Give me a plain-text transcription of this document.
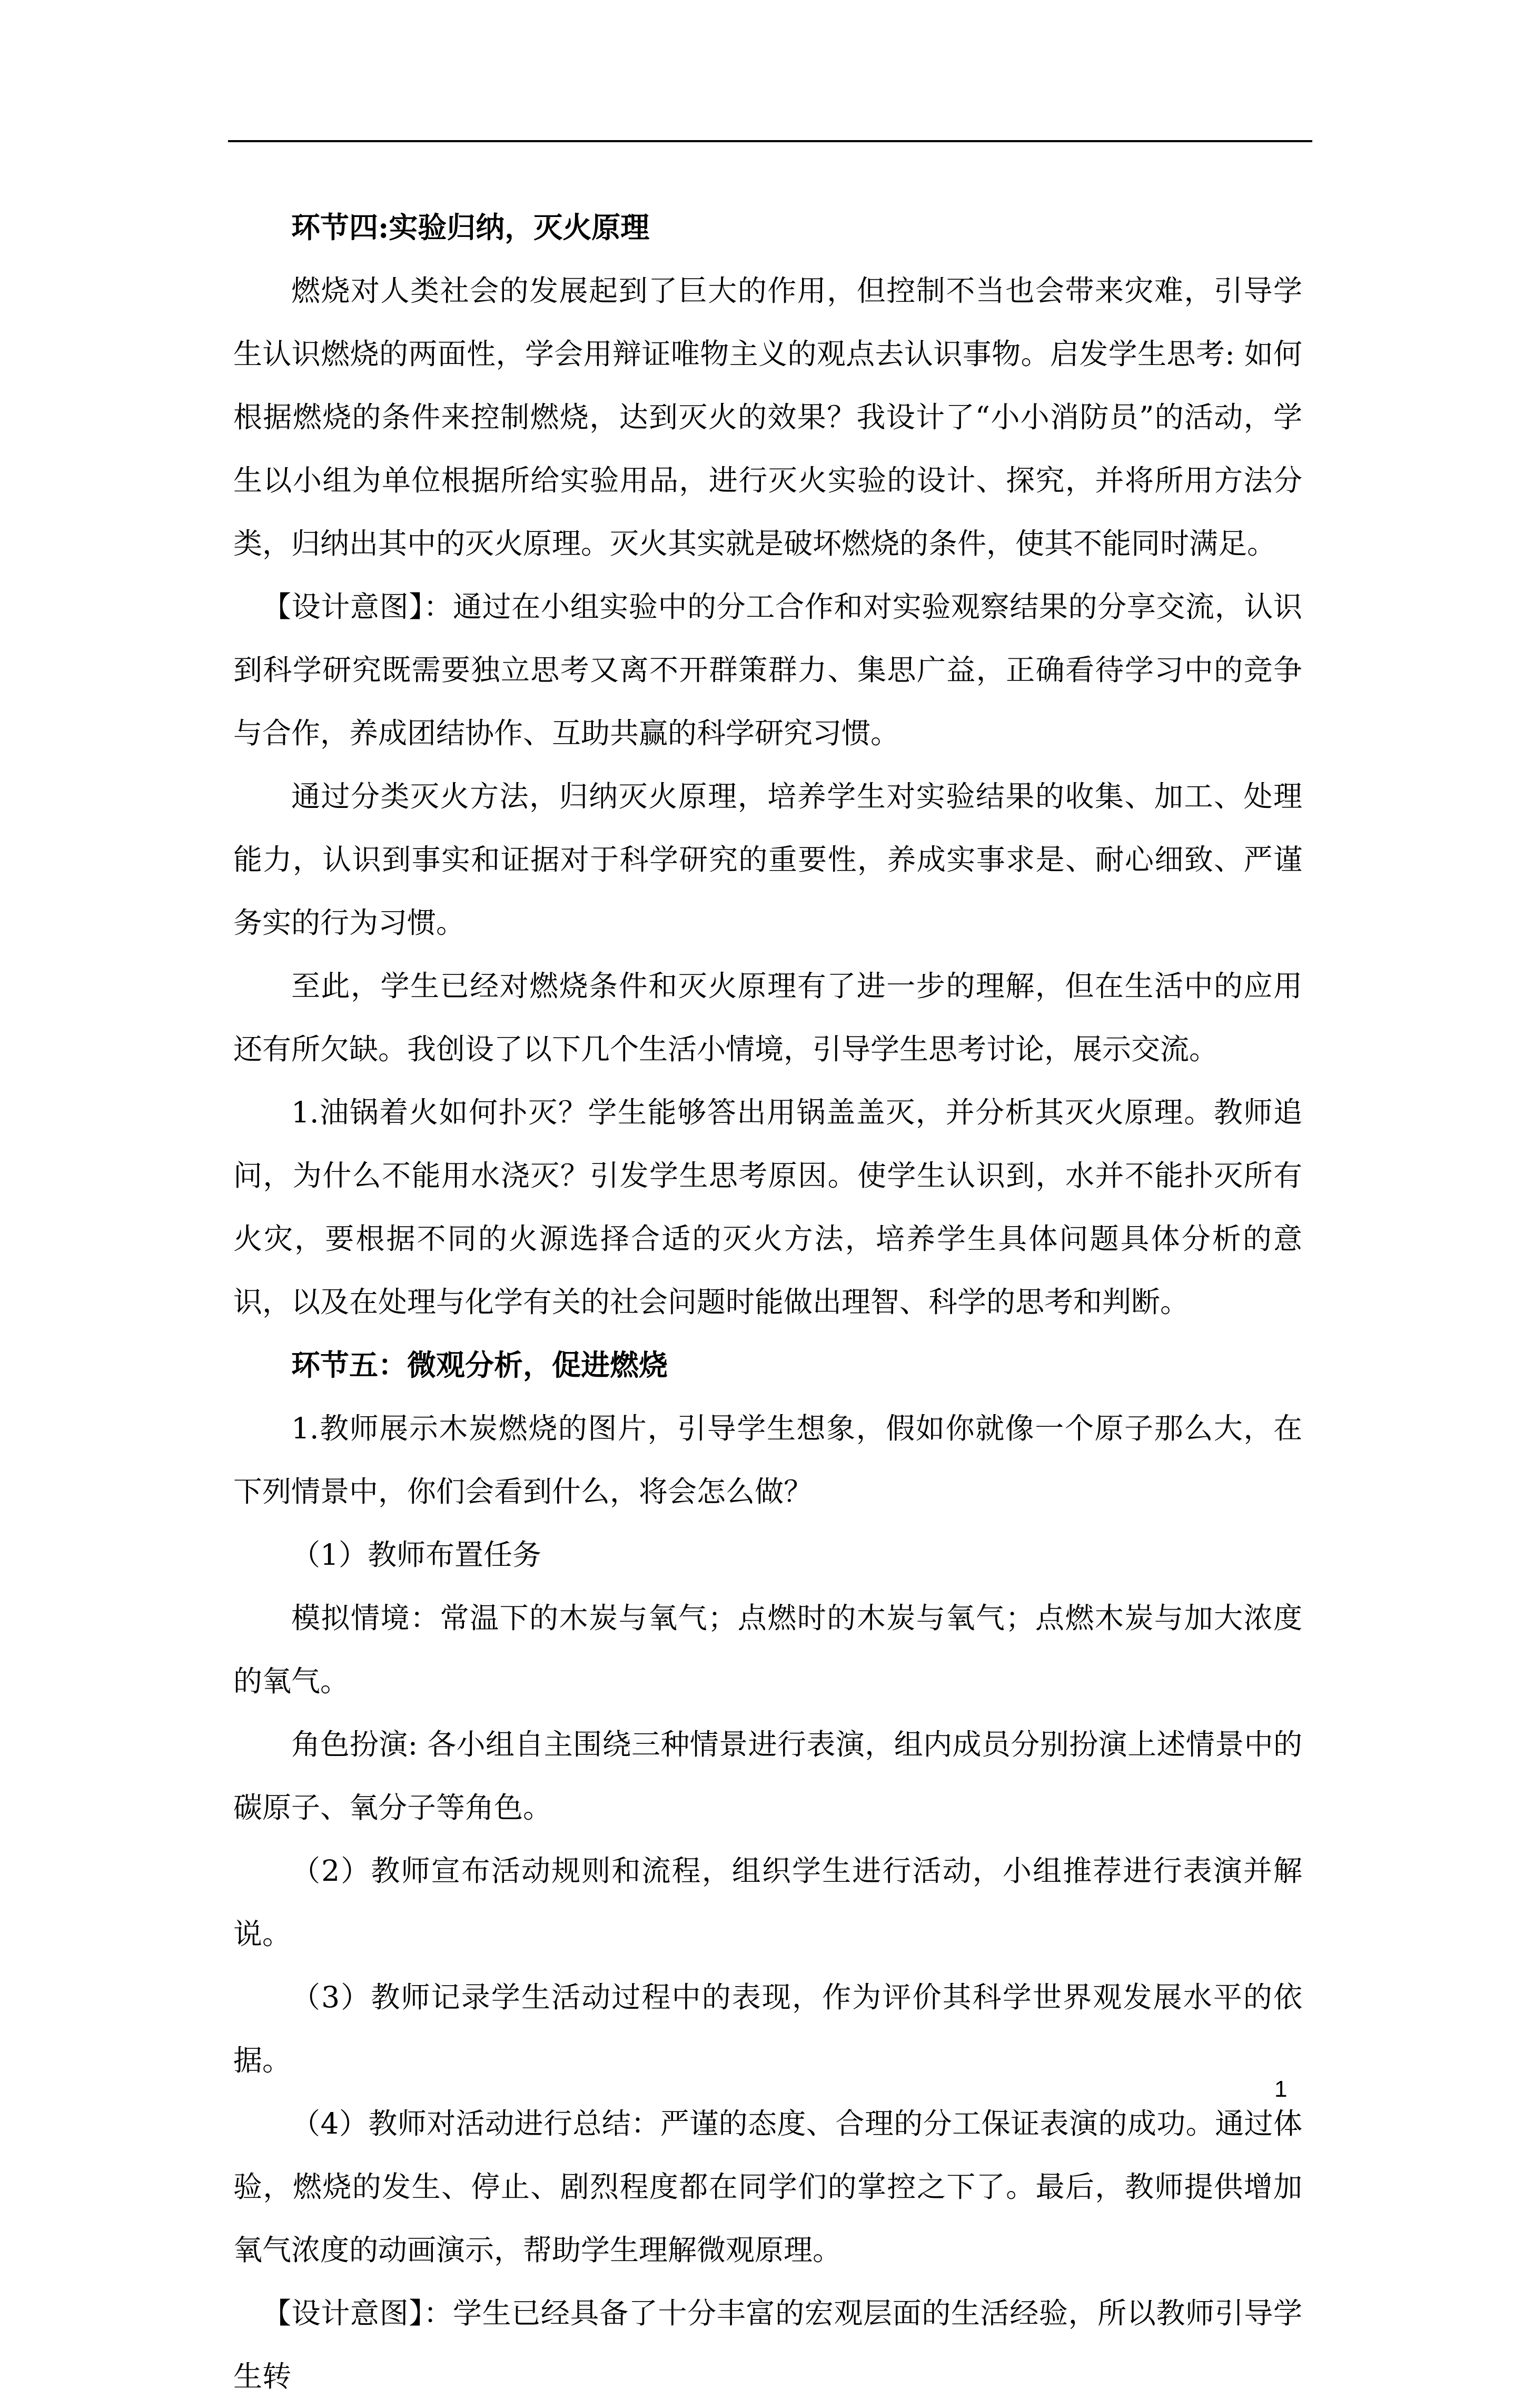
环节四:实验归纳，灭火原理

燃烧对人类社会的发展起到了巨大的作用，但控制不当也会带来灾难，引导学生认识燃烧的两面性，学会用辩证唯物主义的观点去认识事物。启发学生思考: 如何根据燃烧的条件来控制燃烧，达到灭火的效果？我设计了“小小消防员”的活动，学生以小组为单位根据所给实验用品，进行灭火实验的设计、探究，并将所用方法分类，归纳出其中的灭火原理。灭火其实就是破坏燃烧的条件，使其不能同时满足。

【设计意图】：通过在小组实验中的分工合作和对实验观察结果的分享交流，认识到科学研究既需要独立思考又离不开群策群力、集思广益，正确看待学习中的竞争与合作，养成团结协作、互助共赢的科学研究习惯。

通过分类灭火方法，归纳灭火原理，培养学生对实验结果的收集、加工、处理能力，认识到事实和证据对于科学研究的重要性，养成实事求是、耐心细致、严谨务实的行为习惯。

至此，学生已经对燃烧条件和灭火原理有了进一步的理解，但在生活中的应用还有所欠缺。我创设了以下几个生活小情境，引导学生思考讨论，展示交流。

1.油锅着火如何扑灭？学生能够答出用锅盖盖灭，并分析其灭火原理。教师追问，为什么不能用水浇灭？引发学生思考原因。使学生认识到，水并不能扑灭所有火灾，要根据不同的火源选择合适的灭火方法，培养学生具体问题具体分析的意识，以及在处理与化学有关的社会问题时能做出理智、科学的思考和判断。

环节五：微观分析，促进燃烧

1.教师展示木炭燃烧的图片，引导学生想象，假如你就像一个原子那么大，在下列情景中，你们会看到什么，将会怎么做？

（1）教师布置任务

模拟情境：常温下的木炭与氧气；点燃时的木炭与氧气；点燃木炭与加大浓度的氧气。

角色扮演: 各小组自主围绕三种情景进行表演，组内成员分别扮演上述情景中的碳原子、氧分子等角色。

（2）教师宣布活动规则和流程，组织学生进行活动，小组推荐进行表演并解说。

（3）教师记录学生活动过程中的表现，作为评价其科学世界观发展水平的依据。

（4）教师对活动进行总结：严谨的态度、合理的分工保证表演的成功。通过体验，燃烧的发生、停止、剧烈程度都在同学们的掌控之下了。最后，教师提供增加氧气浓度的动画演示，帮助学生理解微观原理。

【设计意图】：学生已经具备了十分丰富的宏观层面的生活经验，所以教师引导学生转

1
